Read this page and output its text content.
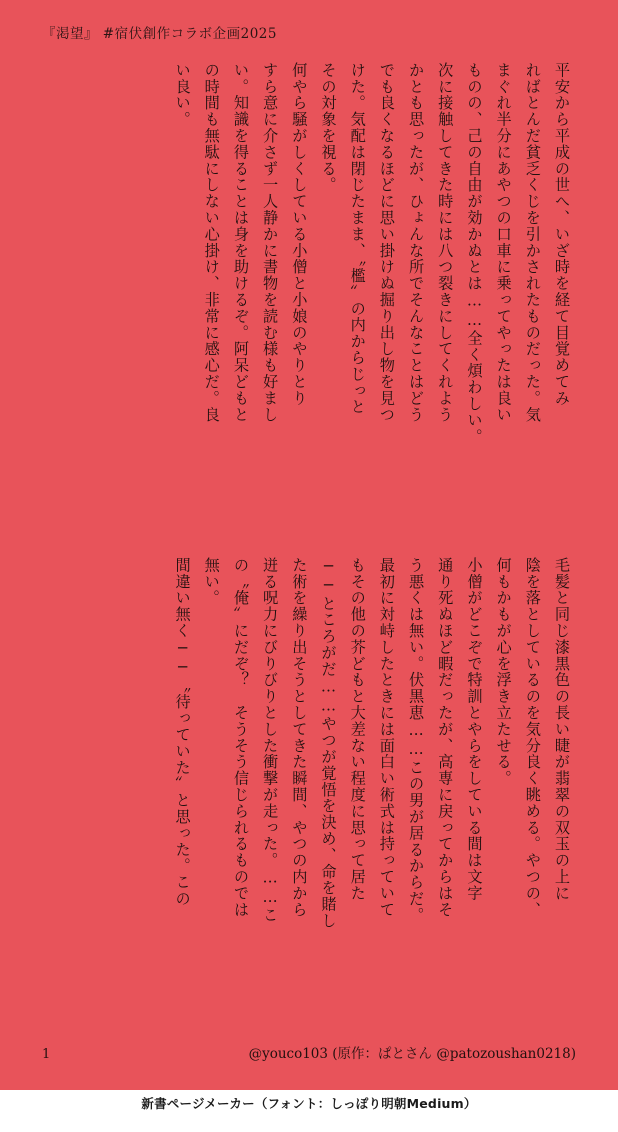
『渇望』 #宿伏創作コラボ企画2025

平安から平成の世へ、いざ時を経て目覚めてみ

ればとんだ貧乏くじを引かされたものだった。気

まぐれ半分にあやつの口車に乗ってやったは良い

ものの、己の自由が効かぬとは……全く煩わしい。

次に接触してきた時には八つ裂きにしてくれよう

かとも思ったが、ひょんな所でそんなことはどう

でも良くなるほどに思い掛けぬ掘り出し物を見つ

けた。気配は閉じたまま、〝檻〟の内からじっと

その対象を視る。

何やら騒がしくしている小僧と小娘のやりとり

すら意に介さず一人静かに書物を読む様も好まし

い。知識を得ることは身を助けるぞ。阿呆どもと

の時間も無駄にしない心掛け、非常に感心だ。良

い良い。

毛髪と同じ漆黒色の長い睫が翡翠の双玉の上に

陰を落としているのを気分良く眺める。やつの、

何もかもが心を浮き立たせる。

小僧がどこぞで特訓とやらをしている間は文字

通り死ぬほど暇だったが、高専に戻ってからはそ

う悪くは無い。伏黒恵……この男が居るからだ。

最初に対峙したときには面白い術式は持っていて

もその他の芥どもと大差ない程度に思って居た

──ところがだ……やつが覚悟を決め、命を賭し

た術を繰り出そうとしてきた瞬間、やつの内から

迸る呪力にびりびりとした衝撃が走った。……こ

の〝俺〟にだぞ？　そうそう信じられるものでは

無い。

間違い無く──〝待っていた〟と思った。この

1	@youco103 (原作：ぱとさん @patozoushan0218)
新書ページメーカー（フォント：しっぽり明朝Medium）
